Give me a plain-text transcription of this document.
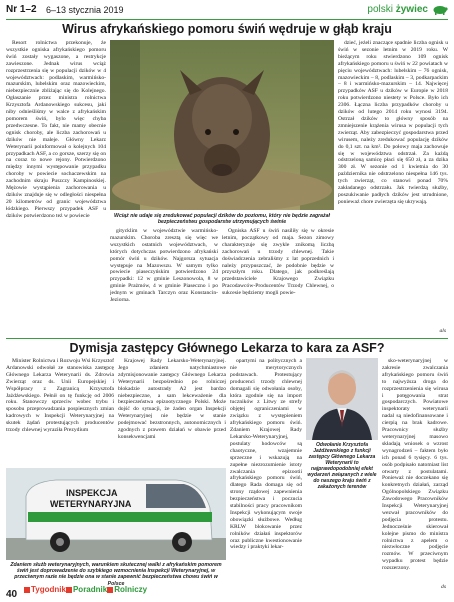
Nr 1–2 6–13 stycznia 2019	polski żywiec
Wirus afrykańskiego pomoru świń wędruje w głąb kraju

Resort rolnictwa przekonuje, że wszystkie ogniska afrykańskiego pomoru świń zostały wygaszone, a restrykcje zawieszone. Jednak wirus wciąż rozprzestrzenia się w populacji dzików w 4 województwach: podlaskim, warmińsko-mazurskim, lubelskim oraz mazowieckim, niebezpiecznie zbliżając się do Kolejnego. Ogłaszanie przez ministra rolnictwa Krzysztofa Ardanowskiego sukcesu, jaki niby odnieśliśmy w walce z afrykańskim pomorem świń, bylo więc chyba przedwczesne. To fakt, nie mamy obecnie ognisk choroby, ale liczba zachorowań u dzików nie maleje. Główny Lekarz Weterynarii poinformował o kolejnych 104 przypadkach ASF, a co gorsze, szerzy się on na coraz to nowe rejony. Potwierdzono między innymi występowanie przypadku choroby w powiecie sochaczewskim na zachodnim skraju Puszczy Kampinoskiej. Mężowie wystąpienia zachorowania u dzików znajduje się w odległości niespełna 20 kilometrów od granic województwa łódzkiego. Pierwszy przypadek ASF u dzików potwierdzono też w powiecie	Wciąż nie udaje się zredukować populacji dzików do poziomu, który nie będzie zagrażał bezpieczeństwu gospodarstw utrzymujących świnie

gitycklim w województwie warmińsko-mazurskim. Choroba zresztą się więc we wszystkich ostatnich województwach, w których dotychczas potwierdzono afrykański pomór świń u dzików. Najgorsza sytuacja występuje na Mazowszu. W samym tylko powiecie piaseczyńskim potwierdzono 24 przypadki: 12 w gminie Leszonowola, 8 w gminie Prażmów, 4 w gminie Piaseczno i po jednym w gminach Tarczyn oraz Konstancin-Jeziorna.

Ogniska ASF u świń nasiliły się w okresie letnim, początkowy od maja. Sezon zimowy charakteryzuje się zwykle znikomą liczbą zachorowań u trzody chlewnej. Takie doświadczenia zebraliśmy z lat poprzednich i należy przypuszczać, że podobnie będzie w przyszłym roku. Dlatego, jak podkreślają przedstawiciele Krajowego Związku Pracodawców-Producentów Trzody Chlewnej, o sukcesie będziemy mogli powie-

dzieć, jeżeli znaczące spadnie liczba ognisk u świń w sezonie letnim w 2019 roku. W bieżącym roku stwierdzono 109 ognisk afrykańskiego pomoru u świń w 22 powiatach w pięciu województwach: lubelskim – 76 ognisk, mazowieckim – 8, podlaskim – 3, podkarpackim – 8 i warmińsko-mazurskim – 14. Najwięcej przypadków ASF u dzików w Europie w 2018 roku potwierdzono niestety w Polsce. Było ich 2306. Łączna liczba przypadków choroby u dzików od lutego 2014 roku wynosi 3194. Ostrzał dzików to główny sposób na zmniejszenie krążenia wirusa w populacji tych zwierząt. Aby zabezpieczyć gospodarstwa przed wirusem, należy zredukować populację dzików do 0,1 szt. na km². Do połowy maja zachowuje się w województwa odstrzał. Za każdą odstrzeloną samicę płaci się 650 zł, a za dzika 300 zł. W sezonie od 1 kwietnia do 30 października nie odstrzelono niespełna 146 tys. tych zwierząt, co stanowi ponad 70% zakładanego odstrzału. Jak twierdzą służby, poszukiwanie padłych dzików jest utrudnione, ponieważ chore zwierzęta się ukrywają.

als
Dymisja zastępcy Głównego Lekarza to kara za ASF?

Minister Rolnictwa i Rozwoju Wsi Krzysztof Ardanowski odwołał ze stanowiska zastępcę Głównego Lekarza Weterynarii ds. Zdrowia Zwierząt oraz ds. Unii Europejskiej i Współpracy z Zagranicą Krzysztofa Jażdżewskiego. Pełnił on tę funkcję od 2006 roku. Stanowczy sprzeciw wobec trybu i sposobu przeprowadzania pospiesznych zmian kadrowych w Inspekcji Weterynaryjnej na skutek żądań protestujących producentów trzody chlewnej wyraziła Prezydium

Krajowej Rady Lekarsko-Weterynaryjnej. Jego zdaniem natychmiastowe zdymisjonowanie zastępcy Głównego Lekarza Weterynarii bezpośrednio po rolniczej blokadzie autostrady A2 jest bardzo niebezpieczne, a sam lekceważenie dla bezpieczeństwa epizootycznego Polski. Może dojść do sytuacji, że żaden organ Inspekcji Weterynaryjnej nie będzie w stanie podejmować bezstronnych, autonomicznych i zgodnych z prawem działań w obawie przed konsekwencjami

opartymi na politycznych a nie merytorycznych podstawach. Protestujący producenci trzody chlewnej domagali się odwołania osoby, która zgodnie się na import tuczników z Litwy ze strefy objętej ograniczeniami w związku z występieniem afrykańskiego pomoru świń. Zdaniem Krajowej Rady Lekarsko-Weterynaryjnej, postulaty hodowców są chaotyczne, wzajemnie sprzeczne i wskazują na zupełne niezrozumienie istoty zwalczania epizootii afrykańskiego pomoru świń, dlatego Rada domaga się od strony rządowej zapewnienia bezpieczeństwa i poczucia stabilności pracy pracownikom Inspekcji wykonującym swoje obowiązki służbowe. Według KRLW blokowanie przez rolników działań inspektorów oraz publiczne kwestionowanie wiedzy i praktyki lekar-

Odwołanie Krzysztofa Jażdżewskiego z funkcji zastępcy Głównego Lekarza Weterynarii to najprawdopodobniej efekt wydarzeń związanych z wiele do naszego kraju świń z zakażonych terenów

sko-weterynaryjnej w zakresie zwalczania afrykańskiego pomoru świń to najwyższa droga do rozprzestrzenienia się wirusa i potęgowania strat gospodarczych. Powiatowe inspektoraty weterynarii nadal są niedofinansowane i cierpią na brak kadrowe. Pracownicy służby weterynaryjnej masowo składają wniosek o wzrost wynagrodzeń – faktem było ich ponad 6 tysięcy. 6 tys. osób podpisało natomiast list otwarty z postulatami. Ponieważ nie doczekano się konkretnych działań, zarząd Ogólnopolskiego Związku Zawodowego Pracowników Inspekcji Weterynaryjnej wezwał pracowników do podjęcia protestu. Jednocześnie skierował kolejne pismo do ministra rolnictwa z apelem o niezwłoczne podjęcie rozmów. W przeciwnym wypadku protest będzie rozszerzony.

ds
INSPEKCJA
WETERYNARYJNA
Zdaniem służb weterynaryjnych, warunkiem skutecznej walki z afrykańskim pomorem świń jest doprowadzenie do szybkiego wzmocnienia Inspekcji Weterynaryjnej, w przeciwnym razie nie będzie ona w stanie zapewnić bezpieczeństwa chowu świń w Polsce
40	Tygodnik Poradnik Rolniczy
